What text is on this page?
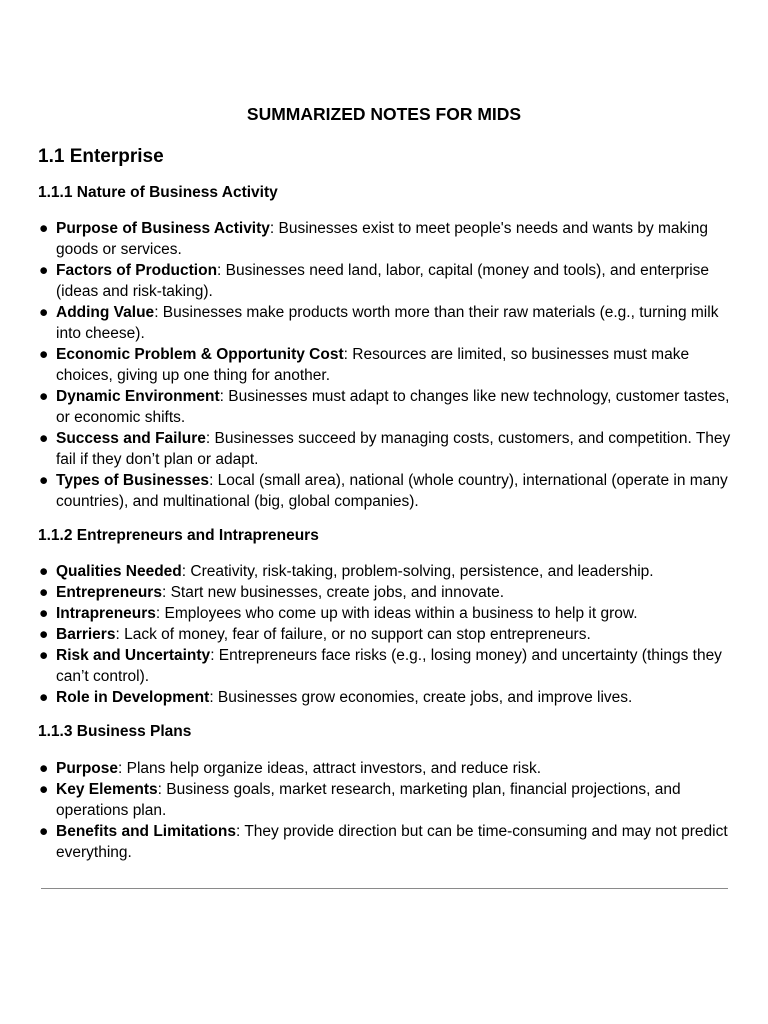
SUMMARIZED NOTES FOR MIDS
1.1 Enterprise
1.1.1 Nature of Business Activity
● Purpose of Business Activity: Businesses exist to meet people's needs and wants by making goods or services.
● Factors of Production: Businesses need land, labor, capital (money and tools), and enterprise (ideas and risk-taking).
● Adding Value: Businesses make products worth more than their raw materials (e.g., turning milk into cheese).
● Economic Problem & Opportunity Cost: Resources are limited, so businesses must make choices, giving up one thing for another.
● Dynamic Environment: Businesses must adapt to changes like new technology, customer tastes, or economic shifts.
● Success and Failure: Businesses succeed by managing costs, customers, and competition. They fail if they don’t plan or adapt.
● Types of Businesses: Local (small area), national (whole country), international (operate in many countries), and multinational (big, global companies).
1.1.2 Entrepreneurs and Intrapreneurs
● Qualities Needed: Creativity, risk-taking, problem-solving, persistence, and leadership.
● Entrepreneurs: Start new businesses, create jobs, and innovate.
● Intrapreneurs: Employees who come up with ideas within a business to help it grow.
● Barriers: Lack of money, fear of failure, or no support can stop entrepreneurs.
● Risk and Uncertainty: Entrepreneurs face risks (e.g., losing money) and uncertainty (things they can’t control).
● Role in Development: Businesses grow economies, create jobs, and improve lives.
1.1.3 Business Plans
● Purpose: Plans help organize ideas, attract investors, and reduce risk.
● Key Elements: Business goals, market research, marketing plan, financial projections, and operations plan.
● Benefits and Limitations: They provide direction but can be time-consuming and may not predict everything.
